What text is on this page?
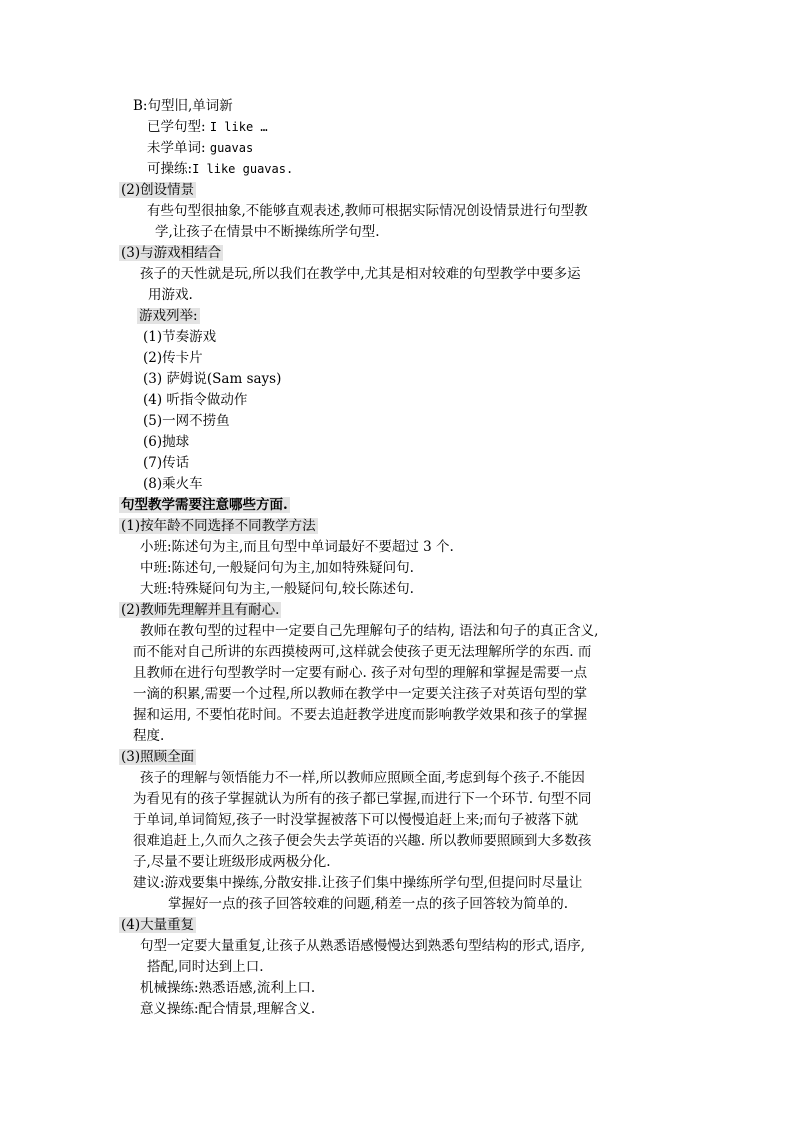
B:句型旧,单词新
已学句型: I like …
未学单词: guavas
可操练:I like guavas.
(2)创设情景
有些句型很抽象,不能够直观表述,教师可根据实际情况创设情景进行句型教
学,让孩子在情景中不断操练所学句型.
(3)与游戏相结合
孩子的天性就是玩,所以我们在教学中,尤其是相对较难的句型教学中要多运
用游戏.
游戏列举:
(1)节奏游戏
(2)传卡片
(3) 萨姆说(Sam says)
(4) 听指令做动作
(5)一网不捞鱼
(6)抛球
(7)传话
(8)乘火车
句型教学需要注意哪些方面.
(1)按年龄不同选择不同教学方法
小班:陈述句为主,而且句型中单词最好不要超过 3 个.
中班:陈述句,一般疑问句为主,加如特殊疑问句.
大班:特殊疑问句为主,一般疑问句,较长陈述句.
(2)教师先理解并且有耐心.
教师在教句型的过程中一定要自己先理解句子的结构, 语法和句子的真正含义,
而不能对自己所讲的东西摸棱两可,这样就会使孩子更无法理解所学的东西. 而
且教师在进行句型教学时一定要有耐心. 孩子对句型的理解和掌握是需要一点
一滴的积累,需要一个过程,所以教师在教学中一定要关注孩子对英语句型的掌
握和运用, 不要怕花时间。不要去追赶教学进度而影响教学效果和孩子的掌握
程度.
(3)照顾全面
孩子的理解与领悟能力不一样,所以教师应照顾全面,考虑到每个孩子.不能因
为看见有的孩子掌握就认为所有的孩子都已掌握,而进行下一个环节. 句型不同
于单词,单词简短,孩子一时没掌握被落下可以慢慢追赶上来;而句子被落下就
很难追赶上,久而久之孩子便会失去学英语的兴趣. 所以教师要照顾到大多数孩
子,尽量不要让班级形成两极分化.
建议:游戏要集中操练,分散安排.让孩子们集中操练所学句型,但提问时尽量让
掌握好一点的孩子回答较难的问题,稍差一点的孩子回答较为简单的.
(4)大量重复
句型一定要大量重复,让孩子从熟悉语感慢慢达到熟悉句型结构的形式,语序,
搭配,同时达到上口.
机械操练:熟悉语感,流利上口.
意义操练:配合情景,理解含义.
